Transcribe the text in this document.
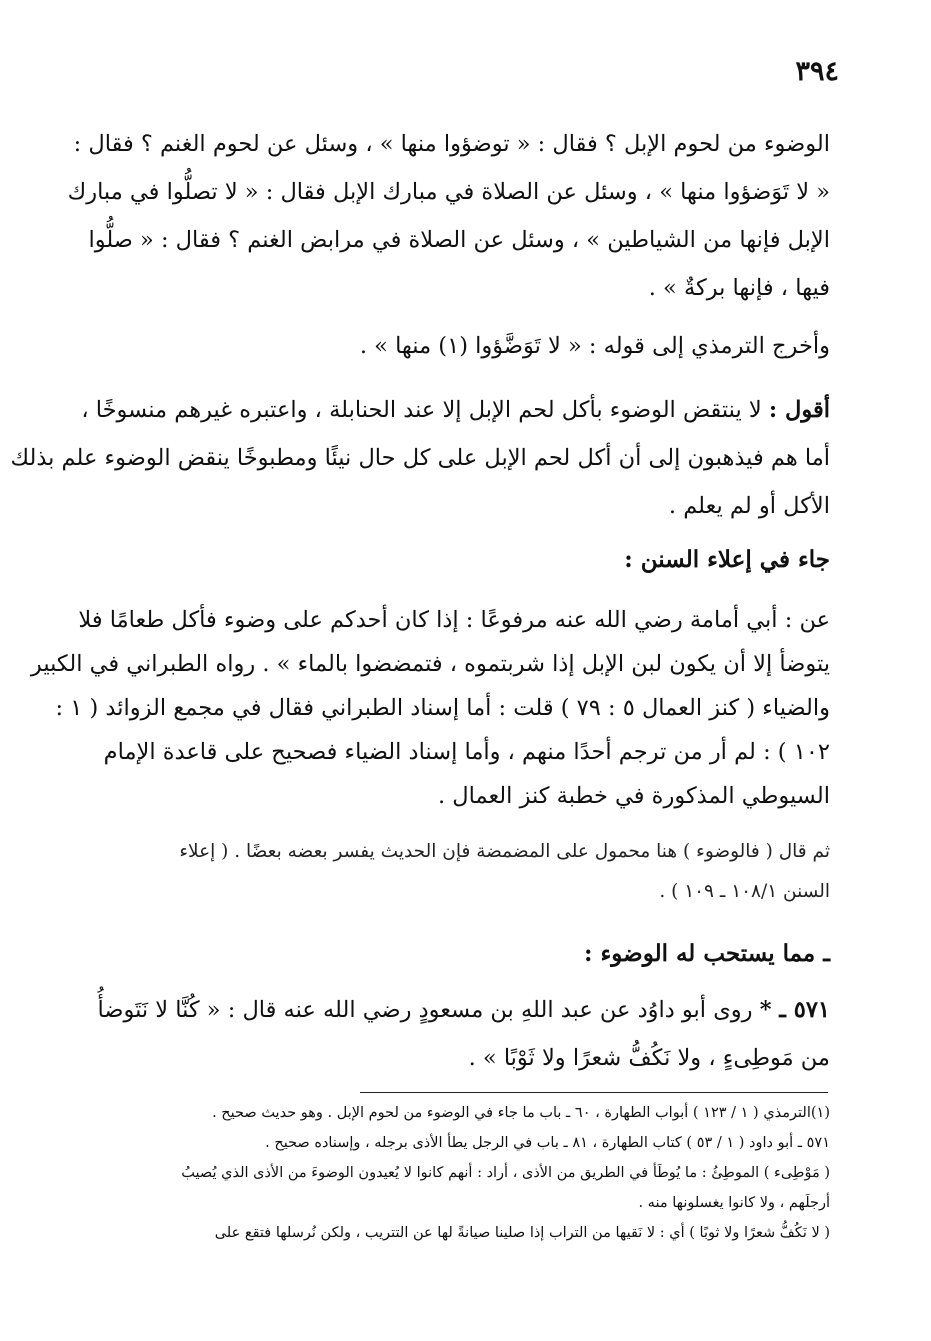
٣٩٤
الوضوء من لحوم الإبل ؟ فقال : « توضؤوا منها » ، وسئل عن لحوم الغنم ؟ فقال :
« لا تَوَضؤوا منها » ، وسئل عن الصلاة في مبارك الإبل فقال : « لا تصلُّوا في مبارك
الإبل فإنها من الشياطين » ، وسئل عن الصلاة في مرابض الغنم ؟ فقال : « صلُّوا
فيها ، فإنها بركةٌ » .
وأخرج الترمذي إلى قوله : « لا تَوَضَّؤوا (١) منها » .
أقول : لا ينتقض الوضوء بأكل لحم الإبل إلا عند الحنابلة ، واعتبره غيرهم منسوخًا ،
أما هم فيذهبون إلى أن أكل لحم الإبل على كل حال نيئًا ومطبوخًا ينقض الوضوء علم بذلك
الأكل أو لم يعلم .
جاء في إعلاء السنن :
عن : أبي أمامة رضي الله عنه مرفوعًا : إذا كان أحدكم على وضوء فأكل طعامًا فلا
يتوضأ إلا أن يكون لبن الإبل إذا شربتموه ، فتمضضوا بالماء » . رواه الطبراني في الكبير
والضياء ( كنز العمال ٥ : ٧٩ ) قلت : أما إسناد الطبراني فقال في مجمع الزوائد ( ١ :
١٠٢ ) : لم أر من ترجم أحدًا منهم ، وأما إسناد الضياء فصحيح على قاعدة الإمام
السيوطي المذكورة في خطبة كنز العمال .
ثم قال ( فالوضوء ) هنا محمول على المضمضة فإن الحديث يفسر بعضه بعضًا . ( إعلاء
السنن ١٠٨/١ ـ ١٠٩ ) .
ـ مما يستحب له الوضوء :
٥٧١ ـ * روى أبو داوُد عن عبد اللهِ بن مسعودٍ رضي الله عنه قال : « كُنَّا لا نَتَوضأُ
من مَوطِىءٍ ، ولا نَكُفُّ شعرًا ولا ثَوْبًا » .
(١)الترمذي ( ١ / ١٢٣ ) أبواب الطهارة ، ٦٠ ـ باب ما جاء في الوضوء من لحوم الإبل . وهو حديث صحيح .
٥٧١ ـ أبو داود ( ١ / ٥٣ ) كتاب الطهارة ، ٨١ ـ باب في الرجل يطأ الأذى برجله ، وإسناده صحيح .
( مَوْطِىء ) الموطِئُ : ما يُوطَأ في الطريق من الأذى ، أراد : أنهم كانوا لا يُعيدون الوضوءَ من الأذى الذي يُصيبُ
أرجلَهم ، ولا كانوا يغسلونها منه .
( لا نَكُفُّ شعرًا ولا ثوبًا ) أي : لا نَقيها من التراب إذا صلينا صيانةً لها عن التتريب ، ولكن نُرسلها فتقع على
